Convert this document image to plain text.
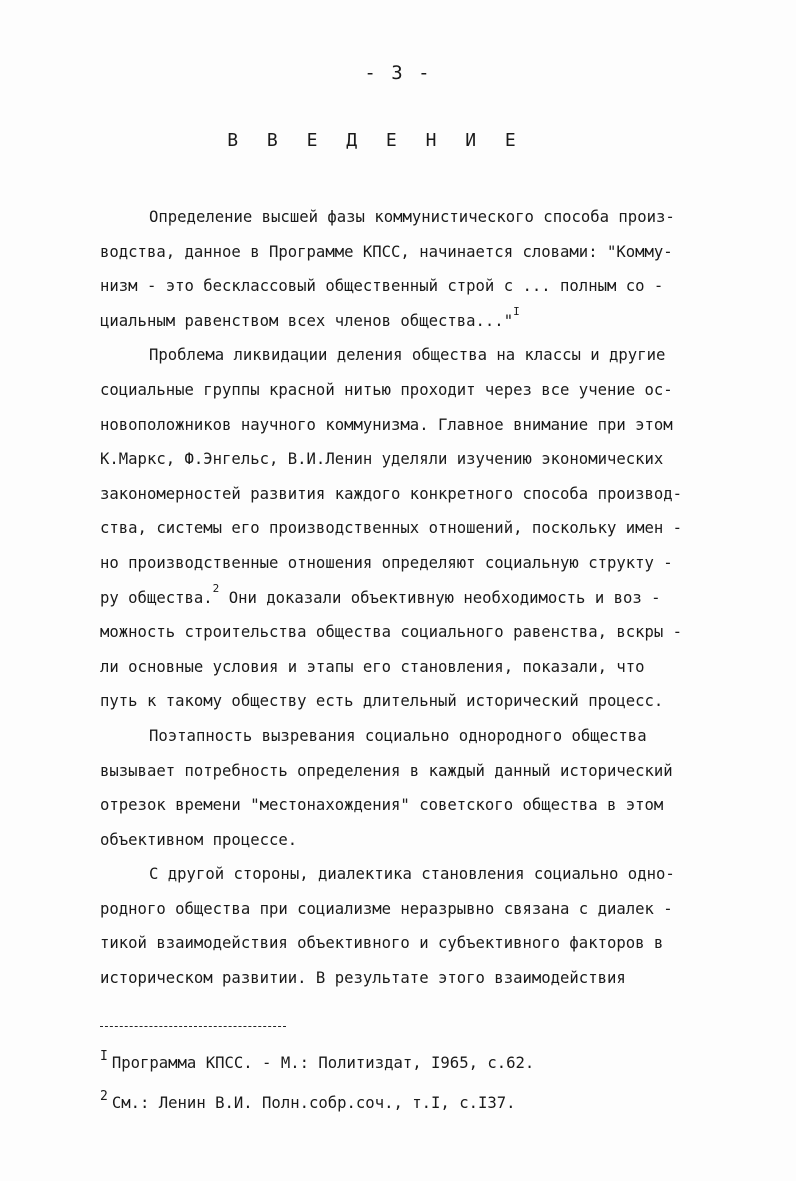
- 3 -
В В Е Д Е Н И Е
Определение высшей фазы коммунистического способа произ-
водства, данное в Программе КПСС, начинается словами: "Комму-
низм - это бесклассовый общественный строй с ... полным со -
циальным равенством всех членов общества..."
I
Проблема ликвидации деления общества на классы и другие
социальные группы красной нитью проходит через все учение ос-
новоположников научного коммунизма. Главное внимание при этом
К.Маркс, Ф.Энгельс, В.И.Ленин уделяли изучению экономических
закономерностей развития каждого конкретного способа производ-
ства, системы его производственных отношений, поскольку имен -
но производственные отношения определяют социальную структу -
ру общества.
2

Они доказали объективную необходимость и воз -
можность строительства общества социального равенства, вскры -
ли основные условия и этапы его становления, показали, что
путь к такому обществу есть длительный исторический процесс.
Поэтапность вызревания социально однородного общества
вызывает потребность определения в каждый данный исторический
отрезок времени "местонахождения" советского общества в этом
объективном процессе.
С другой стороны, диалектика становления социально одно-
родного общества при социализме неразрывно связана с диалек -
тикой взаимодействия объективного и субъективного факторов в
историческом развитии. В результате этого взаимодействия
$^I$ Программа КПСС. - М.: Политиздат, I965, с.62.
$^2$ См.: Ленин В.И. Полн.собр.соч., т.I, с.I37.
